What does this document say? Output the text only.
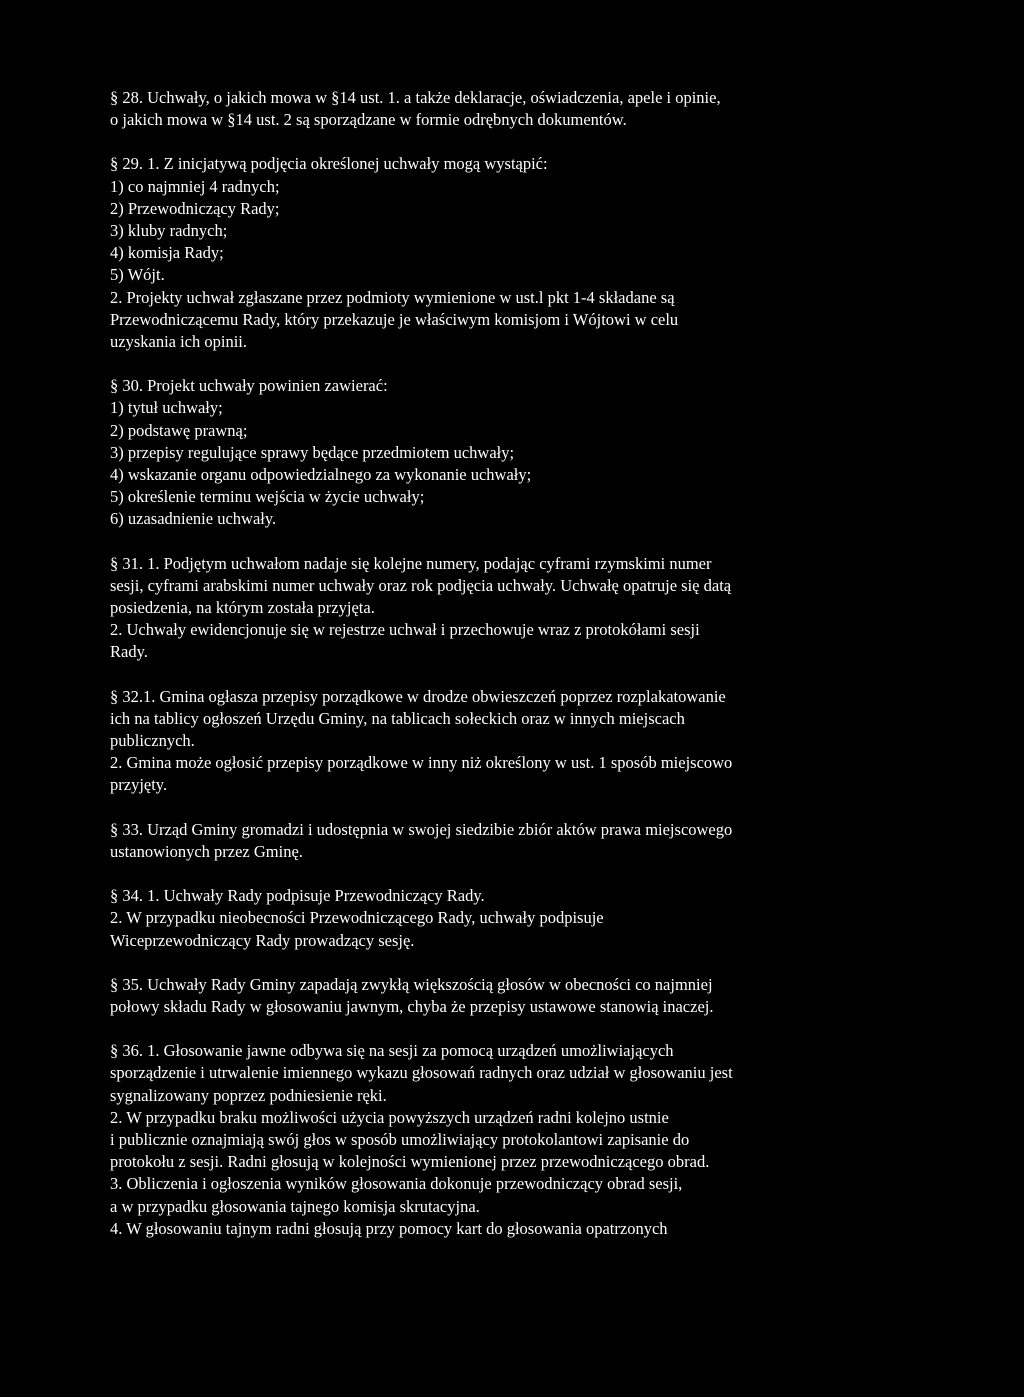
§ 28. Uchwały, o jakich mowa w §14 ust. 1. a także deklaracje, oświadczenia, apele i opinie,
o jakich mowa w §14 ust. 2 są sporządzane w formie odrębnych dokumentów.
§ 29. 1. Z inicjatywą podjęcia określonej uchwały mogą wystąpić:
1) co najmniej 4 radnych;
2) Przewodniczący Rady;
3) kluby radnych;
4) komisja Rady;
5) Wójt.
2. Projekty uchwał zgłaszane przez podmioty wymienione w ust.l pkt 1-4 składane są
Przewodniczącemu Rady, który przekazuje je właściwym komisjom i Wójtowi w celu
uzyskania ich opinii.
§ 30. Projekt uchwały powinien zawierać:
1) tytuł uchwały;
2) podstawę prawną;
3) przepisy regulujące sprawy będące przedmiotem uchwały;
4) wskazanie organu odpowiedzialnego za wykonanie uchwały;
5) określenie terminu wejścia w życie uchwały;
6) uzasadnienie uchwały.
§ 31. 1. Podjętym uchwałom nadaje się kolejne numery, podając cyframi rzymskimi numer
sesji, cyframi arabskimi numer uchwały oraz rok podjęcia uchwały. Uchwałę opatruje się datą
posiedzenia, na którym została przyjęta.
2. Uchwały ewidencjonuje się w rejestrze uchwał i przechowuje wraz z protokółami sesji
Rady.
§ 32.1. Gmina ogłasza przepisy porządkowe w drodze obwieszczeń poprzez rozplakatowanie
ich na tablicy ogłoszeń Urzędu Gminy, na tablicach sołeckich oraz w innych miejscach
publicznych.
2. Gmina może ogłosić przepisy porządkowe w inny niż określony w ust. 1 sposób miejscowo
przyjęty.
§ 33. Urząd Gminy gromadzi i udostępnia w swojej siedzibie zbiór aktów prawa miejscowego
ustanowionych przez Gminę.
§ 34. 1. Uchwały Rady podpisuje Przewodniczący Rady.
2. W przypadku nieobecności Przewodniczącego Rady, uchwały podpisuje
Wiceprzewodniczący Rady prowadzący sesję.
§ 35. Uchwały Rady Gminy zapadają zwykłą większością głosów w obecności co najmniej
połowy składu Rady w głosowaniu jawnym, chyba że przepisy ustawowe stanowią inaczej.
§ 36. 1. Głosowanie jawne odbywa się na sesji za pomocą urządzeń umożliwiających
sporządzenie i utrwalenie imiennego wykazu głosowań radnych oraz udział w głosowaniu jest
sygnalizowany poprzez podniesienie ręki.
2. W przypadku braku możliwości użycia powyższych urządzeń radni kolejno ustnie
i publicznie oznajmiają swój głos w sposób umożliwiający protokolantowi zapisanie do
protokołu z sesji. Radni głosują w kolejności wymienionej przez przewodniczącego obrad.
3. Obliczenia i ogłoszenia wyników głosowania dokonuje przewodniczący obrad sesji,
a w przypadku głosowania tajnego komisja skrutacyjna.
4. W głosowaniu tajnym radni głosują przy pomocy kart do głosowania opatrzonych
